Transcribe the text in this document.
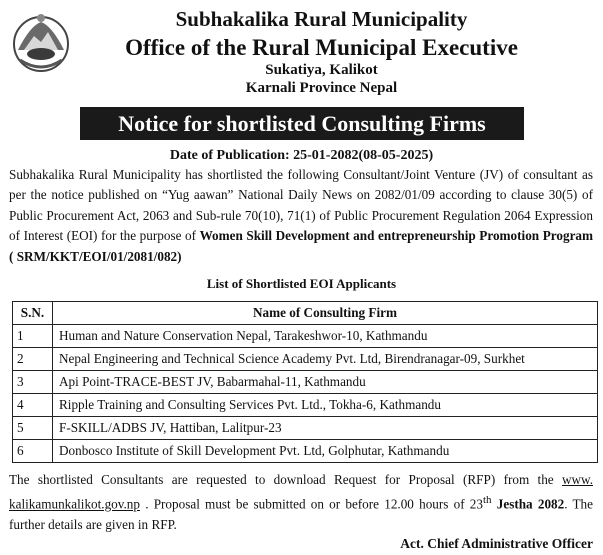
Subhakalika Rural Municipality
Office of the Rural Municipal Executive
Sukatiya, Kalikot
Karnali Province Nepal
Notice for shortlisted Consulting Firms
Date of Publication: 25-01-2082(08-05-2025)

Subhakalika Rural Municipality has shortlisted the following Consultant/Joint Venture (JV) of consultant as per the notice published on “Yug aawan” National Daily News on 2082/01/09 according to clause 30(5) of Public Procurement Act, 2063 and Sub-rule 70(10), 71(1) of Public Procurement Regulation 2064 Expression of Interest (EOI) for the purpose of Women Skill Development and entrepreneurship Promotion Program ( SRM/KKT/EOI/01/2081/082)

List of Shortlisted EOI Applicants
S.N.	Name of Consulting Firm
1	Human and Nature Conservation Nepal, Tarakeshwor-10, Kathmandu
2	Nepal Engineering and Technical Science Academy Pvt. Ltd, Birendranagar-09, Surkhet
3	Api Point-TRACE-BEST JV, Babarmahal-11, Kathmandu
4	Ripple Training and Consulting Services Pvt. Ltd., Tokha-6, Kathmandu
5	F-SKILL/ADBS JV, Hattiban, Lalitpur-23
6	Donbosco Institute of Skill Development Pvt. Ltd, Golphutar, Kathmandu

The shortlisted Consultants are requested to download Request for Proposal (RFP) from the www. kalikamunkalikot.gov.np . Proposal must be submitted on or before 12.00 hours of 23th Jestha 2082. The further details are given in RFP.

Act. Chief Administrative Officer
